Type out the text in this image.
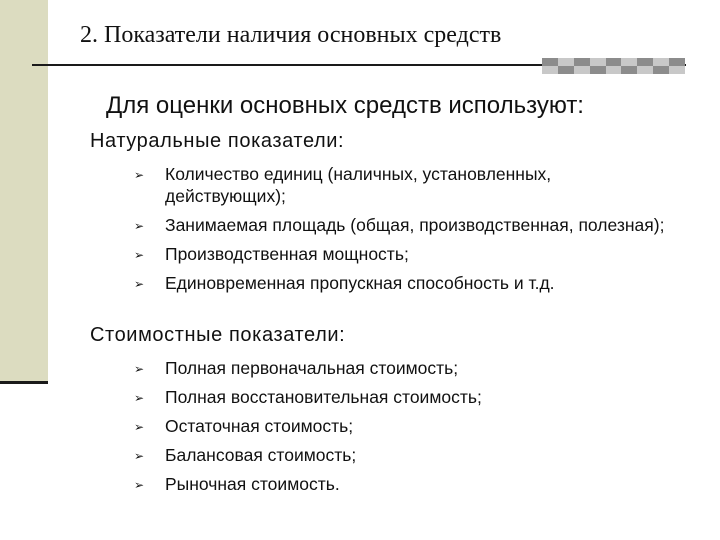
2. Показатели наличия основных средств
Для оценки основных средств используют:
Натуральные показатели:
➢ Количество единиц (наличных, установленных, действующих);
➢ Занимаемая площадь (общая, производственная, полезная);
➢ Производственная мощность;
➢ Единовременная пропускная способность и т.д.
Стоимостные показатели:
➢ Полная первоначальная стоимость;
➢ Полная восстановительная стоимость;
➢ Остаточная стоимость;
➢ Балансовая стоимость;
➢ Рыночная стоимость.
